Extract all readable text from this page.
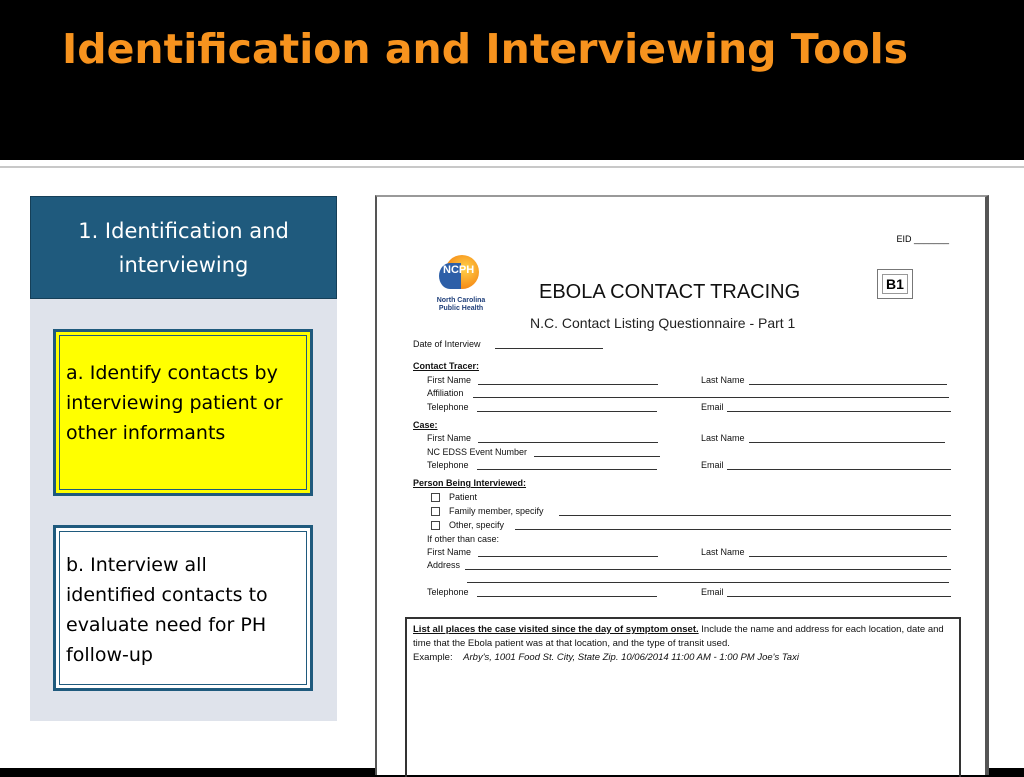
Identification and Interviewing Tools
1. Identification and interviewing
a. Identify contacts by interviewing patient or other informants
b. Interview all identified contacts to evaluate need for PH follow-up
EID _______
NCPH
North Carolina
Public Health
EBOLA CONTACT TRACING
N.C. Contact Listing Questionnaire - Part 1
B1
Date of Interview
Contact Tracer:
First Name	Last Name
Affiliation
Telephone	Email
Case:
First Name	Last Name
NC EDSS Event Number
Telephone	Email
Person Being Interviewed:
Patient
Family member, specify
Other, specify
If other than case:
First Name	Last Name
Address
Telephone	Email
List all places the case visited since the day of symptom onset. Include the name and address for each location, date and time that the Ebola patient was at that location, and the type of transit used.
Example: Arby's, 1001 Food St. City, State Zip. 10/06/2014 11:00 AM - 1:00 PM Joe's Taxi
